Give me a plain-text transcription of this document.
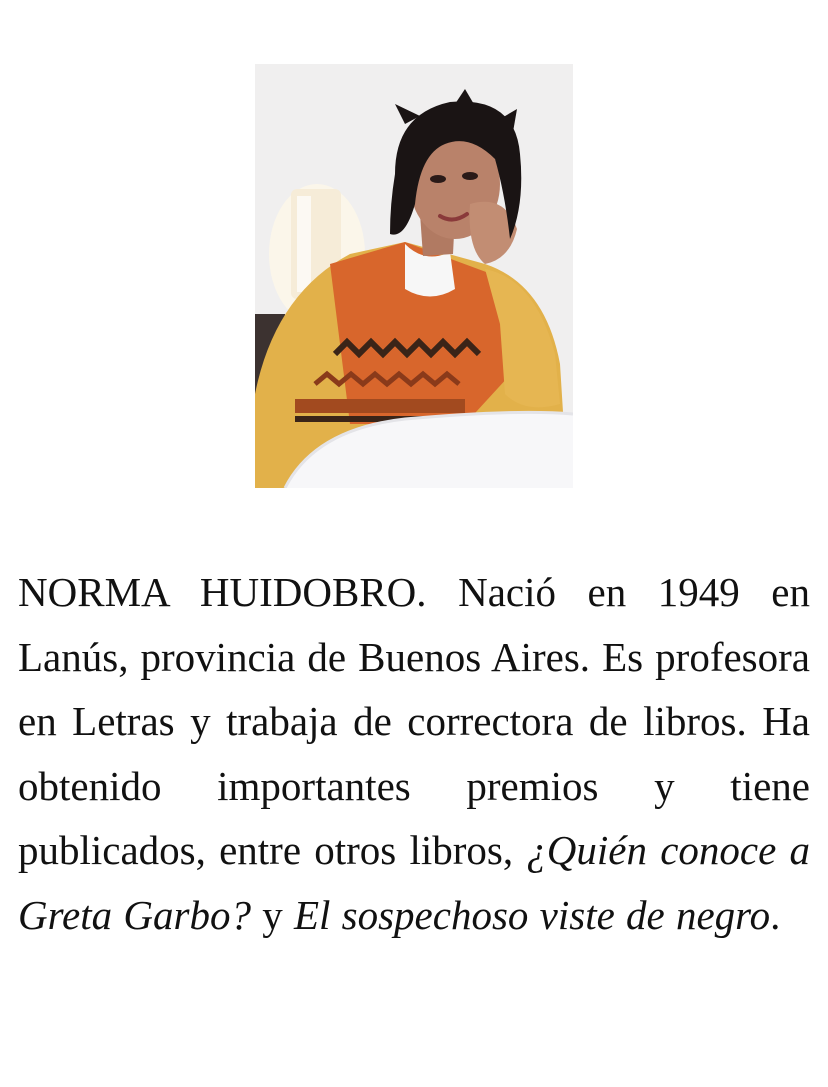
NORMA HUIDOBRO. Nació en 1949 en Lanús, provincia de Buenos Aires. Es profesora en Letras y trabaja de correctora de libros. Ha obtenido importantes premios y tiene publicados, entre otros libros, ¿Quién conoce a Greta Garbo? y El sospechoso viste de negro.
